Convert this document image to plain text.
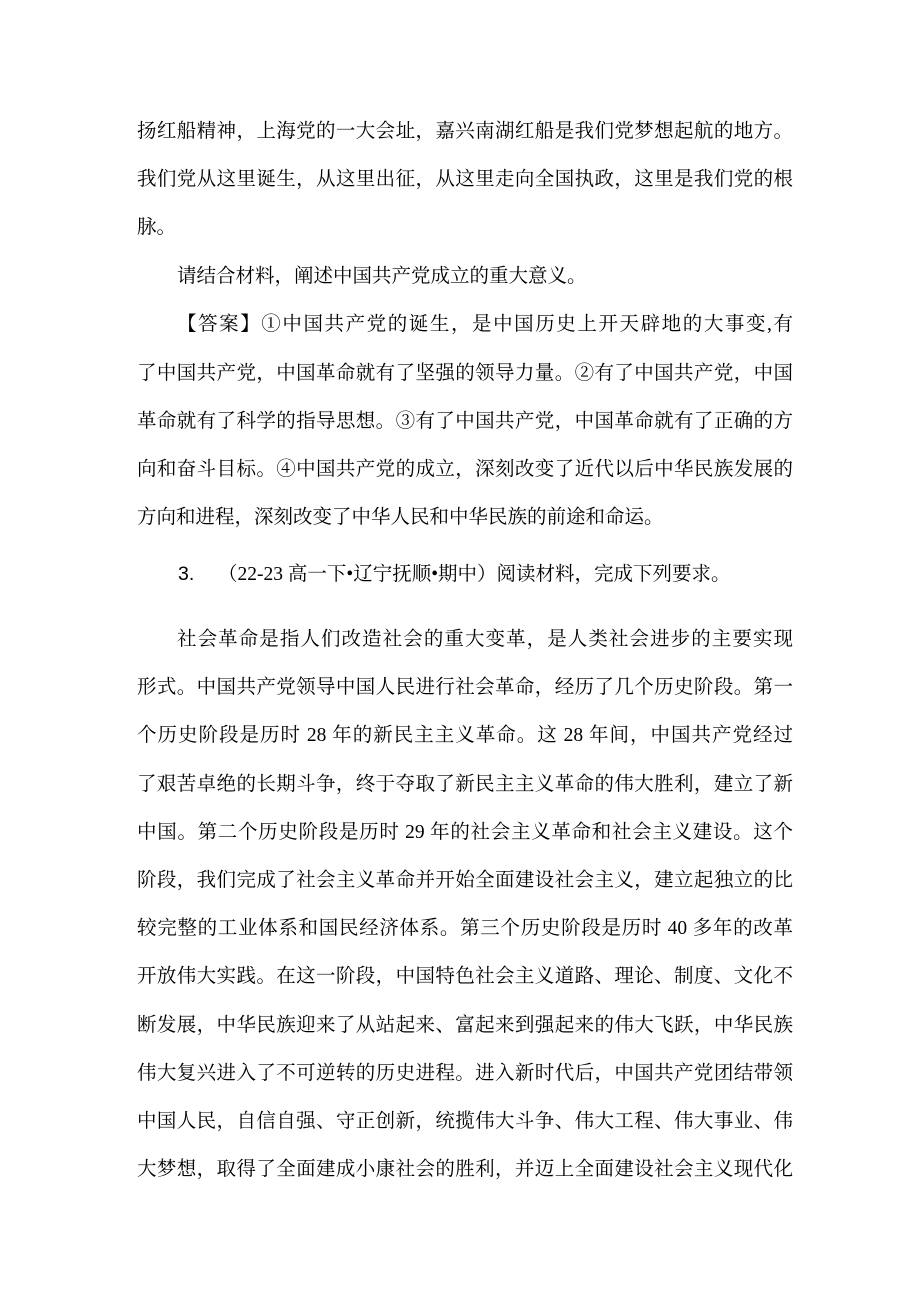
扬红船精神，上海党的一大会址，嘉兴南湖红船是我们党梦想起航的地方。
我们党从这里诞生，从这里出征，从这里走向全国执政，这里是我们党的根
脉。
请结合材料，阐述中国共产党成立的重大意义。
【答案】①中国共产党的诞生，是中国历史上开天辟地的大事变,有
了中国共产党，中国革命就有了坚强的领导力量。②有了中国共产党，中国
革命就有了科学的指导思想。③有了中国共产党，中国革命就有了正确的方
向和奋斗目标。④中国共产党的成立，深刻改变了近代以后中华民族发展的
方向和进程，深刻改变了中华人民和中华民族的前途和命运。
3. （22-23 高一下•辽宁抚顺•期中）阅读材料，完成下列要求。
社会革命是指人们改造社会的重大变革，是人类社会进步的主要实现
形式。中国共产党领导中国人民进行社会革命，经历了几个历史阶段。第一
个历史阶段是历时 28 年的新民主主义革命。这 28 年间，中国共产党经过
了艰苦卓绝的长期斗争，终于夺取了新民主主义革命的伟大胜利，建立了新
中国。第二个历史阶段是历时 29 年的社会主义革命和社会主义建设。这个
阶段，我们完成了社会主义革命并开始全面建设社会主义，建立起独立的比
较完整的工业体系和国民经济体系。第三个历史阶段是历时 40 多年的改革
开放伟大实践。在这一阶段，中国特色社会主义道路、理论、制度、文化不
断发展，中华民族迎来了从站起来、富起来到强起来的伟大飞跃，中华民族
伟大复兴进入了不可逆转的历史进程。进入新时代后，中国共产党团结带领
中国人民，自信自强、守正创新，统揽伟大斗争、伟大工程、伟大事业、伟
大梦想，取得了全面建成小康社会的胜利，并迈上全面建设社会主义现代化
